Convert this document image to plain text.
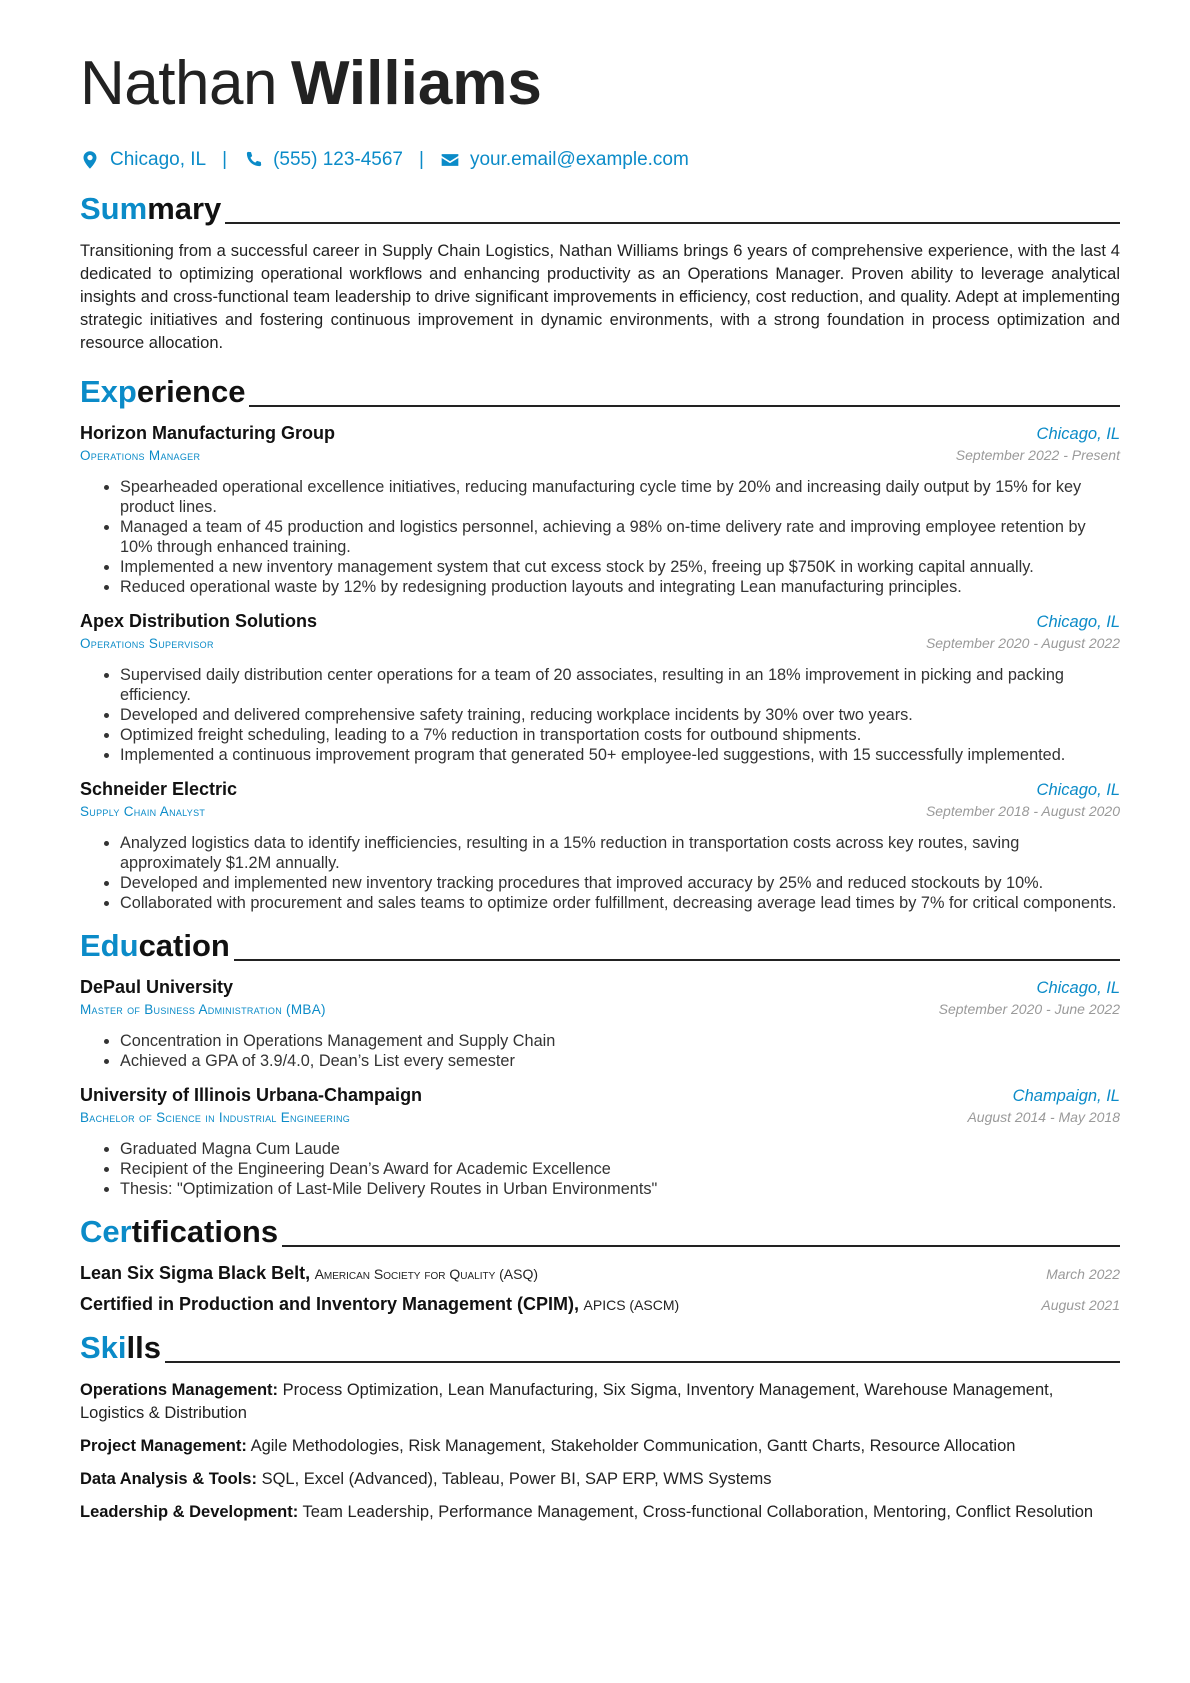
Nathan Williams
Chicago, IL | (555) 123-4567 | your.email@example.com
Summary
Transitioning from a successful career in Supply Chain Logistics, Nathan Williams brings 6 years of comprehensive experience, with the last 4 dedicated to optimizing operational workflows and enhancing productivity as an Operations Manager. Proven ability to leverage analytical insights and cross-functional team leadership to drive significant improvements in efficiency, cost reduction, and quality. Adept at implementing strategic initiatives and fostering continuous improvement in dynamic environments, with a strong foundation in process optimization and resource allocation.
Experience
Horizon Manufacturing Group	Chicago, IL
Operations Manager	September 2022 - Present
• Spearheaded operational excellence initiatives, reducing manufacturing cycle time by 20% and increasing daily output by 15% for key product lines.
• Managed a team of 45 production and logistics personnel, achieving a 98% on-time delivery rate and improving employee retention by 10% through enhanced training.
• Implemented a new inventory management system that cut excess stock by 25%, freeing up $750K in working capital annually.
• Reduced operational waste by 12% by redesigning production layouts and integrating Lean manufacturing principles.
Apex Distribution Solutions	Chicago, IL
Operations Supervisor	September 2020 - August 2022
• Supervised daily distribution center operations for a team of 20 associates, resulting in an 18% improvement in picking and packing efficiency.
• Developed and delivered comprehensive safety training, reducing workplace incidents by 30% over two years.
• Optimized freight scheduling, leading to a 7% reduction in transportation costs for outbound shipments.
• Implemented a continuous improvement program that generated 50+ employee-led suggestions, with 15 successfully implemented.
Schneider Electric	Chicago, IL
Supply Chain Analyst	September 2018 - August 2020
• Analyzed logistics data to identify inefficiencies, resulting in a 15% reduction in transportation costs across key routes, saving approximately $1.2M annually.
• Developed and implemented new inventory tracking procedures that improved accuracy by 25% and reduced stockouts by 10%.
• Collaborated with procurement and sales teams to optimize order fulfillment, decreasing average lead times by 7% for critical components.
Education
DePaul University	Chicago, IL
Master of Business Administration (MBA)	September 2020 - June 2022
• Concentration in Operations Management and Supply Chain
• Achieved a GPA of 3.9/4.0, Dean’s List every semester
University of Illinois Urbana-Champaign	Champaign, IL
Bachelor of Science in Industrial Engineering	August 2014 - May 2018
• Graduated Magna Cum Laude
• Recipient of the Engineering Dean’s Award for Academic Excellence
• Thesis: "Optimization of Last-Mile Delivery Routes in Urban Environments"
Certifications
Lean Six Sigma Black Belt, American Society for Quality (ASQ)	March 2022
Certified in Production and Inventory Management (CPIM), APICS (ASCM)	August 2021
Skills
Operations Management: Process Optimization, Lean Manufacturing, Six Sigma, Inventory Management, Warehouse Management, Logistics & Distribution
Project Management: Agile Methodologies, Risk Management, Stakeholder Communication, Gantt Charts, Resource Allocation
Data Analysis & Tools: SQL, Excel (Advanced), Tableau, Power BI, SAP ERP, WMS Systems
Leadership & Development: Team Leadership, Performance Management, Cross-functional Collaboration, Mentoring, Conflict Resolution
